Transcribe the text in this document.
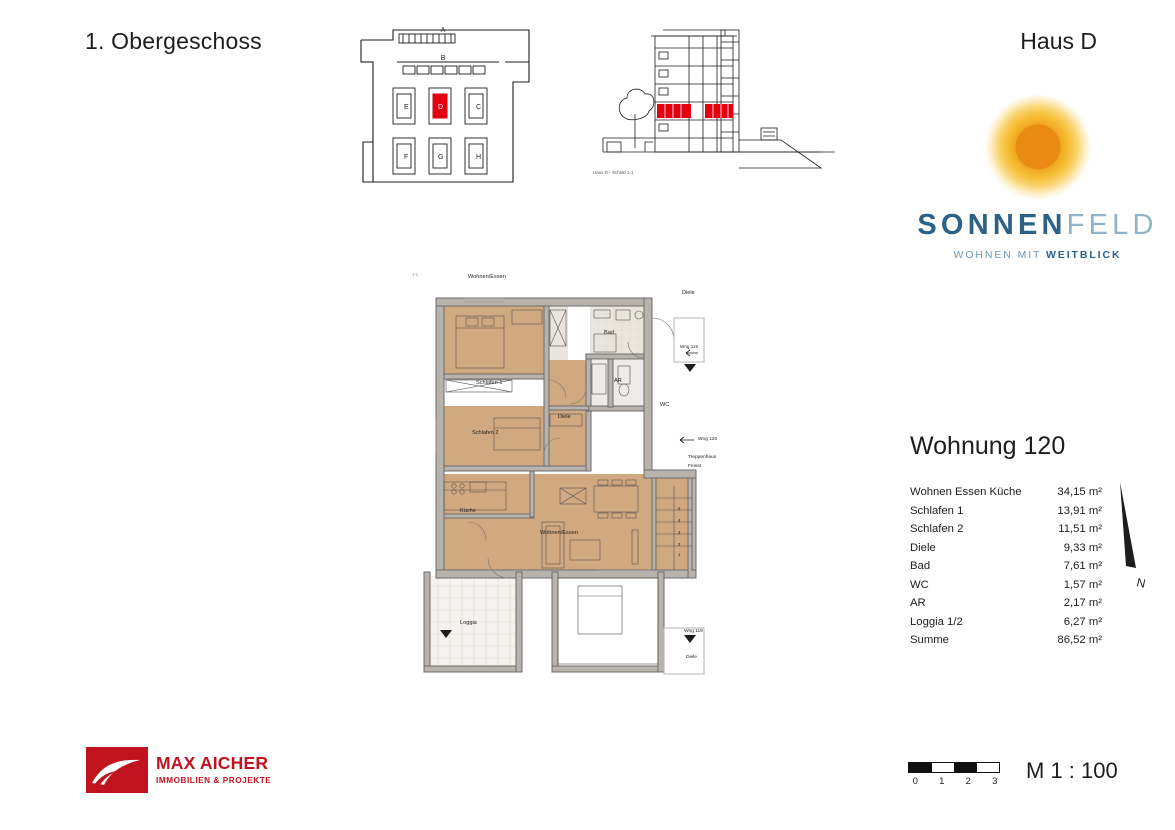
1. Obergeschoss	Haus D
A
B
E	D	C
F	G	H
Haus D - Schnitt 1-1
SONNENFELD
WOHNEN MIT WEITBLICK
Wohnung 120
Wohnen Essen Küche	34,15 m²
Schlafen 1	13,91 m²
Schlafen 2	11,51 m²
Diele	9,33 m²
Bad	7,61 m²
WC	1,57 m²
AR	2,17 m²
Loggia 1/2	6,27 m²
Summe	86,52 m²
N
Wohnen/Essen
Diele
Bad
Schlafen 1	AR
WC
Wng 115
Schlafen 2
Diele
Wng 120
Treppenhaus
Feinst
Küche
Wohnen/Essen
Loggia
Wng 119
Diele
1-1
1
2
3
4
5
MAX AICHER
IMMOBILIEN & PROJEKTE	0	1	2	3	M 1 : 100
